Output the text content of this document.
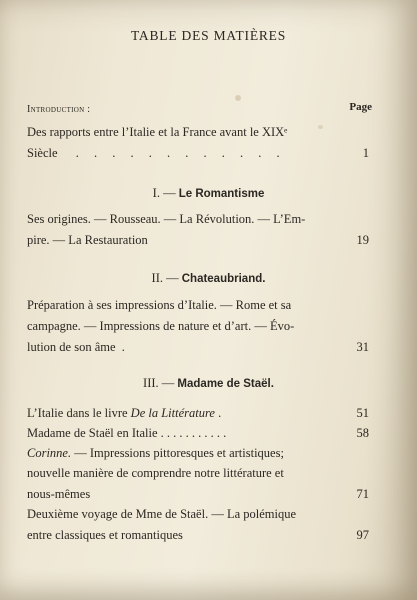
TABLE DES MATIÈRES
Introduction :	Page
Des rapports entre l’Italie et la France avant le XIXᵉ
Siècle  . . . . . . . . . . . .	1
I. — Le Romantisme
Ses origines. — Rousseau. — La Révolution. — L’Em-
pire. — La Restauration	19
II. — Chateaubriand.
Préparation à ses impressions d’Italie. — Rome et sa
campagne. — Impressions de nature et d’art. — Évo-
lution de son âme  .	31
III. — Madame de Staël.
L’Italie dans le livre De la Littérature .	51
Madame de Staël en Italie . . . . . . . . . . .	58
Corinne. — Impressions pittoresques et artistiques;
nouvelle manière de comprendre notre littérature et
nous-mêmes	71
Deuxième voyage de Mme de Staël. — La polémique
entre classiques et romantiques	97
